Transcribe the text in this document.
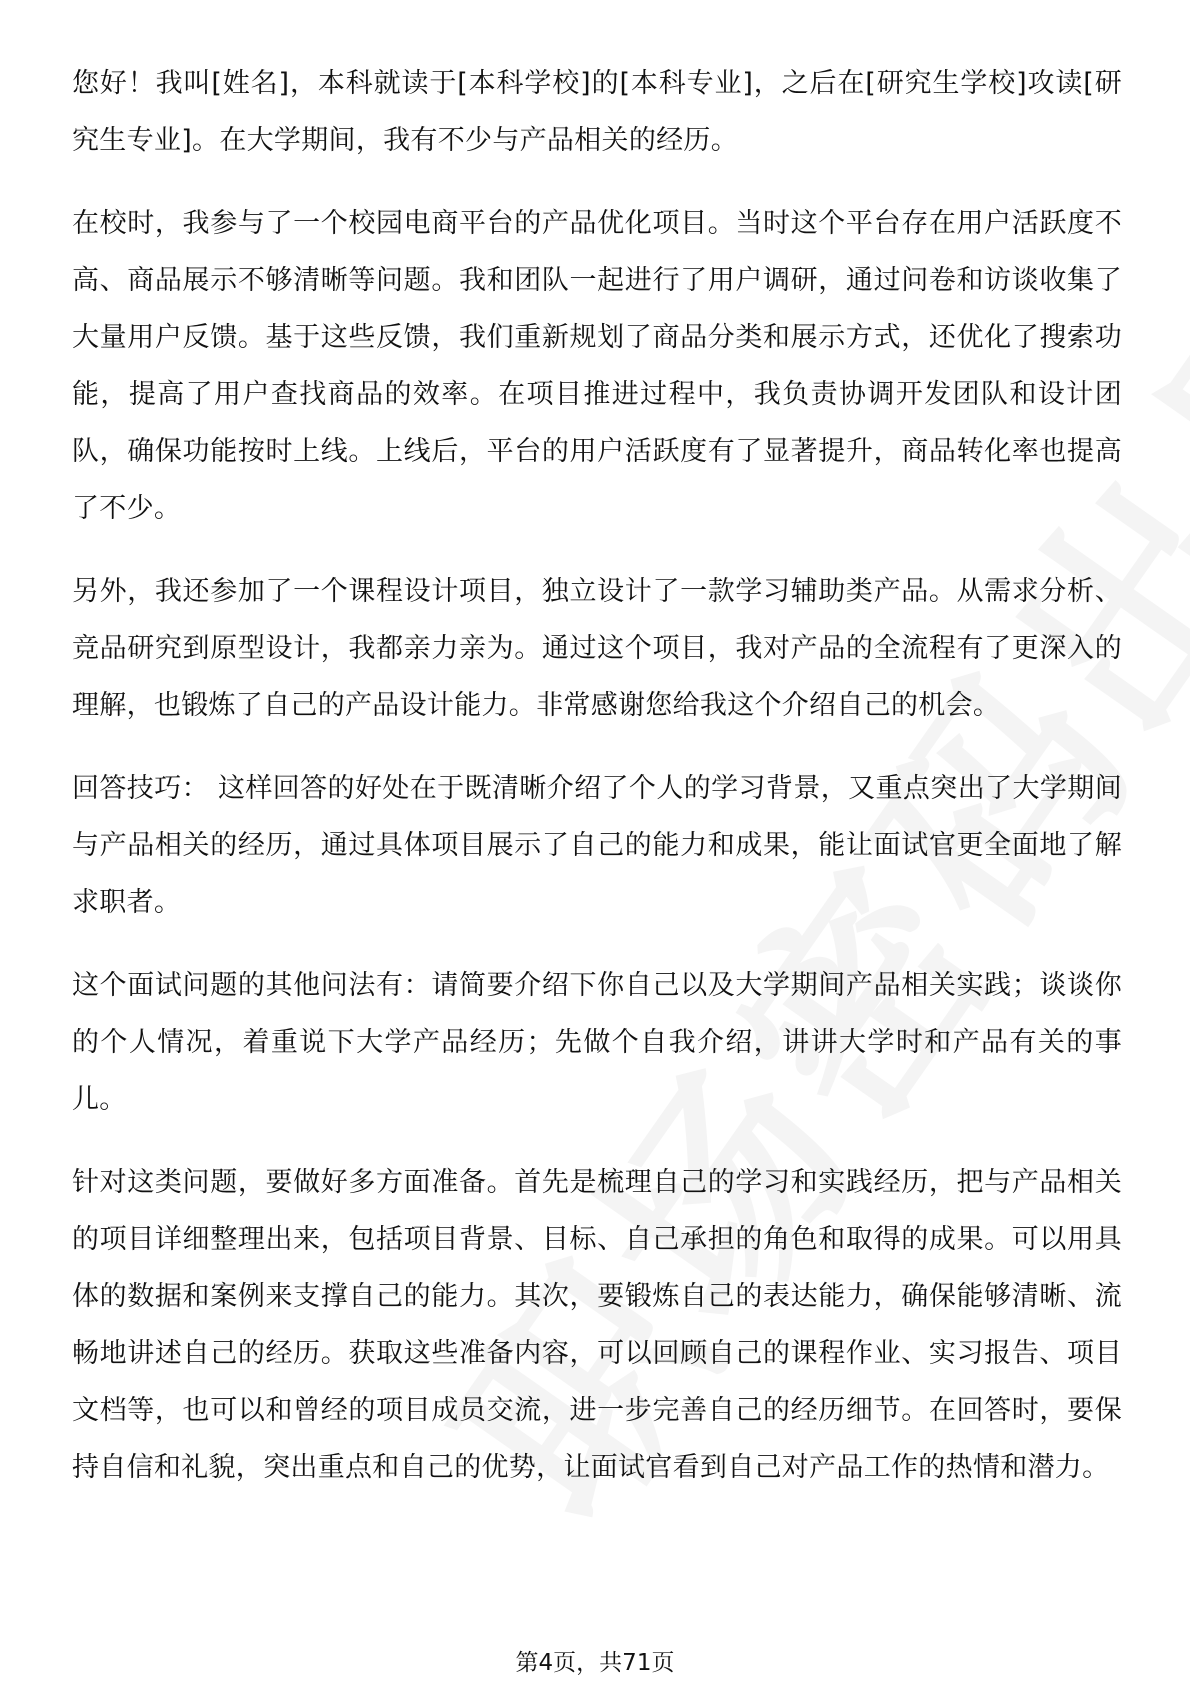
您好！我叫[姓名]，本科就读于[本科学校]的[本科专业]，之后在[研究生学校]攻读[研究生专业]。在大学期间，我有不少与产品相关的经历。

在校时，我参与了一个校园电商平台的产品优化项目。当时这个平台存在用户活跃度不高、商品展示不够清晰等问题。我和团队一起进行了用户调研，通过问卷和访谈收集了大量用户反馈。基于这些反馈，我们重新规划了商品分类和展示方式，还优化了搜索功能，提高了用户查找商品的效率。在项目推进过程中，我负责协调开发团队和设计团队，确保功能按时上线。上线后，平台的用户活跃度有了显著提升，商品转化率也提高了不少。

另外，我还参加了一个课程设计项目，独立设计了一款学习辅助类产品。从需求分析、竞品研究到原型设计，我都亲力亲为。通过这个项目，我对产品的全流程有了更深入的理解，也锻炼了自己的产品设计能力。非常感谢您给我这个介绍自己的机会。

回答技巧： 这样回答的好处在于既清晰介绍了个人的学习背景，又重点突出了大学期间与产品相关的经历，通过具体项目展示了自己的能力和成果，能让面试官更全面地了解求职者。

这个面试问题的其他问法有：请简要介绍下你自己以及大学期间产品相关实践；谈谈你的个人情况，着重说下大学产品经历；先做个自我介绍，讲讲大学时和产品有关的事儿。

针对这类问题，要做好多方面准备。首先是梳理自己的学习和实践经历，把与产品相关的项目详细整理出来，包括项目背景、目标、自己承担的角色和取得的成果。可以用具体的数据和案例来支撑自己的能力。其次，要锻炼自己的表达能力，确保能够清晰、流畅地讲述自己的经历。获取这些准备内容，可以回顾自己的课程作业、实习报告、项目文档等，也可以和曾经的项目成员交流，进一步完善自己的经历细节。在回答时，要保持自信和礼貌，突出重点和自己的优势，让面试官看到自己对产品工作的热情和潜力。

第4页，共71页
